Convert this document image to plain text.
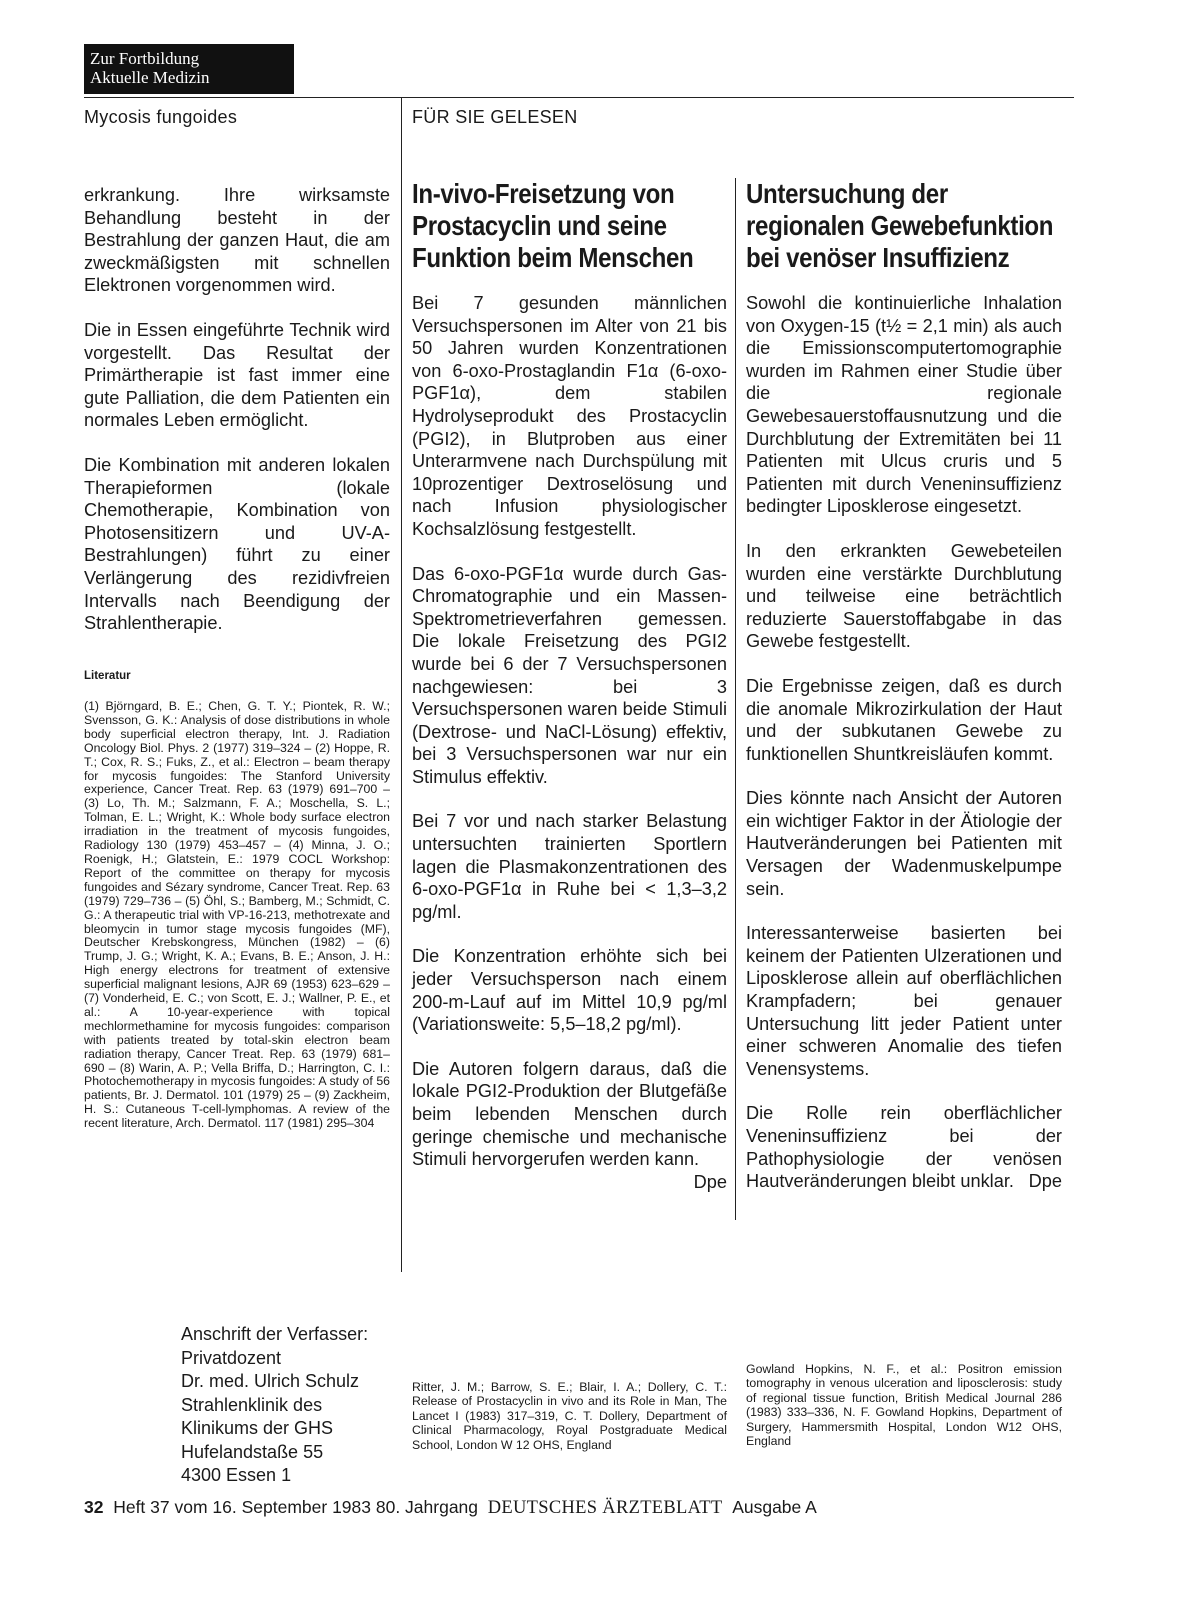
Zur Fortbildung
Aktuelle Medizin
Mycosis fungoides	FÜR SIE GELESEN

erkrankung. Ihre wirksamste Behandlung besteht in der Bestrahlung der ganzen Haut, die am zweckmäßigsten mit schnellen Elektronen vorgenommen wird.

Die in Essen eingeführte Technik wird vorgestellt. Das Resultat der Primärtherapie ist fast immer eine gute Palliation, die dem Patienten ein normales Leben ermöglicht.

Die Kombination mit anderen lokalen Therapieformen (lokale Chemotherapie, Kombination von Photosensitizern und UV-A-Bestrahlungen) führt zu einer Verlängerung des rezidivfreien Intervalls nach Beendigung der Strahlentherapie.

Literatur
(1) Björngard, B. E.; Chen, G. T. Y.; Piontek, R. W.; Svensson, G. K.: Analysis of dose distributions in whole body superficial electron therapy, Int. J. Radiation Oncology Biol. Phys. 2 (1977) 319–324 – (2) Hoppe, R. T.; Cox, R. S.; Fuks, Z., et al.: Electron – beam therapy for mycosis fungoides: The Stanford University experience, Cancer Treat. Rep. 63 (1979) 691–700 – (3) Lo, Th. M.; Salzmann, F. A.; Moschella, S. L.; Tolman, E. L.; Wright, K.: Whole body surface electron irradiation in the treatment of mycosis fungoides, Radiology 130 (1979) 453–457 – (4) Minna, J. O.; Roenigk, H.; Glatstein, E.: 1979 COCL Workshop: Report of the committee on therapy for mycosis fungoides and Sézary syndrome, Cancer Treat. Rep. 63 (1979) 729–736 – (5) Öhl, S.; Bamberg, M.; Schmidt, C. G.: A therapeutic trial with VP-16-213, methotrexate and bleomycin in tumor stage mycosis fungoides (MF), Deutscher Krebskongress, München (1982) – (6) Trump, J. G.; Wright, K. A.; Evans, B. E.; Anson, J. H.: High energy electrons for treatment of extensive superficial malignant lesions, AJR 69 (1953) 623–629 – (7) Vonderheid, E. C.; von Scott, E. J.; Wallner, P. E., et al.: A 10-year-experience with topical mechlormethamine for mycosis fungoides: comparison with patients treated by total-skin electron beam radiation therapy, Cancer Treat. Rep. 63 (1979) 681–690 – (8) Warin, A. P.; Vella Briffa, D.; Harrington, C. I.: Photochemotherapy in mycosis fungoides: A study of 56 patients, Br. J. Dermatol. 101 (1979) 25 – (9) Zackheim, H. S.: Cutaneous T-cell-lymphomas. A review of the recent literature, Arch. Dermatol. 117 (1981) 295–304
Anschrift der Verfasser:
Privatdozent
Dr. med. Ulrich Schulz
Strahlenklinik des
Klinikums der GHS
Hufelandstaße 55
4300 Essen 1
In-vivo-Freisetzung von Prostacyclin und seine Funktion beim Menschen

Bei 7 gesunden männlichen Versuchspersonen im Alter von 21 bis 50 Jahren wurden Konzentrationen von 6-oxo-Prostaglandin F1α (6-oxo-PGF1α), dem stabilen Hydrolyseprodukt des Prostacyclin (PGI2), in Blutproben aus einer Unterarmvene nach Durchspülung mit 10prozentiger Dextroselösung und nach Infusion physiologischer Kochsalzlösung festgestellt.

Das 6-oxo-PGF1α wurde durch Gas-Chromatographie und ein Massen-Spektrometrieverfahren gemessen. Die lokale Freisetzung des PGI2 wurde bei 6 der 7 Versuchspersonen nachgewiesen: bei 3 Versuchspersonen waren beide Stimuli (Dextrose- und NaCl-Lösung) effektiv, bei 3 Versuchspersonen war nur ein Stimulus effektiv.

Bei 7 vor und nach starker Belastung untersuchten trainierten Sportlern lagen die Plasmakonzentrationen des 6-oxo-PGF1α in Ruhe bei < 1,3–3,2 pg/ml.

Die Konzentration erhöhte sich bei jeder Versuchsperson nach einem 200-m-Lauf auf im Mittel 10,9 pg/ml (Variationsweite: 5,5–18,2 pg/ml).

Die Autoren folgern daraus, daß die lokale PGI2-Produktion der Blutgefäße beim lebenden Menschen durch geringe chemische und mechanische Stimuli hervorgerufen werden kann.
Dpe

Ritter, J. M.; Barrow, S. E.; Blair, I. A.; Dollery, C. T.: Release of Prostacyclin in vivo and its Role in Man, The Lancet I (1983) 317–319, C. T. Dollery, Department of Clinical Pharmacology, Royal Postgraduate Medical School, London W 12 OHS, England
Untersuchung der regionalen Gewebefunktion bei venöser Insuffizienz

Sowohl die kontinuierliche Inhalation von Oxygen-15 (t½ = 2,1 min) als auch die Emissionscomputertomographie wurden im Rahmen einer Studie über die regionale Gewebesauerstoffausnutzung und die Durchblutung der Extremitäten bei 11 Patienten mit Ulcus cruris und 5 Patienten mit durch Veneninsuffizienz bedingter Liposklerose eingesetzt.

In den erkrankten Gewebeteilen wurden eine verstärkte Durchblutung und teilweise eine beträchtlich reduzierte Sauerstoffabgabe in das Gewebe festgestellt.

Die Ergebnisse zeigen, daß es durch die anomale Mikrozirkulation der Haut und der subkutanen Gewebe zu funktionellen Shuntkreisläufen kommt.

Dies könnte nach Ansicht der Autoren ein wichtiger Faktor in der Ätiologie der Hautveränderungen bei Patienten mit Versagen der Wadenmuskelpumpe sein.

Interessanterweise basierten bei keinem der Patienten Ulzerationen und Liposklerose allein auf oberflächlichen Krampfadern; bei genauer Untersuchung litt jeder Patient unter einer schweren Anomalie des tiefen Venensystems.

Die Rolle rein oberflächlicher Veneninsuffizienz bei der Pathophysiologie der venösen Hautveränderungen bleibt unklar. Dpe

Gowland Hopkins, N. F., et al.: Positron emission tomography in venous ulceration and liposclerosis: study of regional tissue function, British Medical Journal 286 (1983) 333–336, N. F. Gowland Hopkins, Department of Surgery, Hammersmith Hospital, London W12 OHS, England
32 Heft 37 vom 16. September 1983 80. Jahrgang DEUTSCHES ÄRZTEBLATT Ausgabe A
